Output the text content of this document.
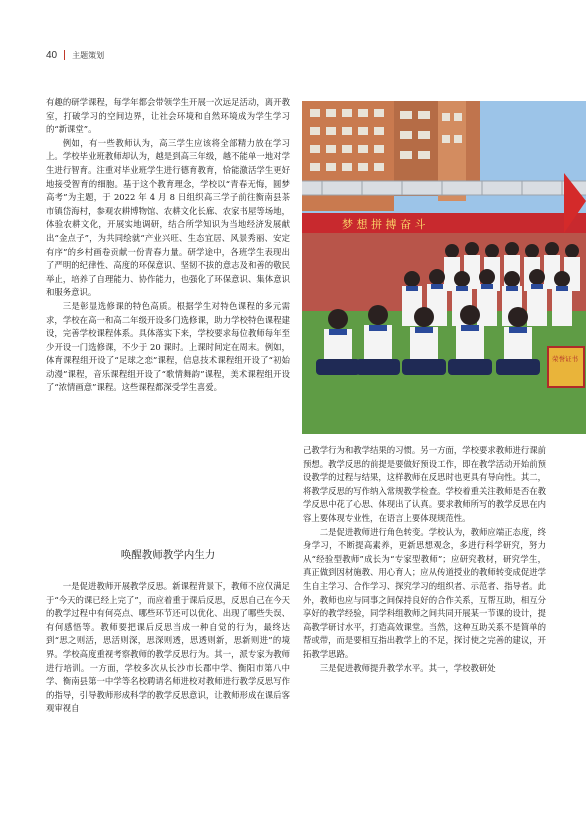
40 主题策划

有趣的研学课程，每学年都会带领学生开展一次远足活动，离开教室，打破学习的空间边界，让社会环境和自然环境成为学生学习的“新课堂”。

例如，有一些教师认为，高三学生应该将全部精力放在学习上。学校毕业班教师却认为，越是到高三年级，越不能单一地对学生进行智育。注重对毕业班学生进行德育教育，恰能激活学生更好地接受智育的细胞。基于这个教育理念，学校以“青春无悔，圆梦高考”为主题，于 2022 年 4 月 8 日组织高三学子前往衡南县茶市镇岱海村，参观农耕博物馆、农耕文化长廊、农家书屋等场地，体验农耕文化，开展实地调研，结合所学知识为当地经济发展献出“金点子”，为共同绘就“产业兴旺、生态宜居、风景秀丽、安定有序”的乡村画卷贡献一份青春力量。研学途中，各班学生表现出了严明的纪律性、高度的环保意识、坚韧不拔的意志及和善的敬民举止，培养了自理能力、协作能力，也强化了环保意识、集体意识和服务意识。

三是彰显选修课的特色高质。根据学生对特色课程的多元需求，学校在高一和高二年级开设多门选修课，助力学校特色课程建设，完善学校课程体系。具体落实下来，学校要求每位教师每年至少开设一门选修课，不少于 20 课时。上课时间定在周末。例如，体育课程组开设了“足球之恋”课程，信息技术课程组开设了“初始动漫”课程，音乐课程组开设了“歌情舞韵”课程，美术课程组开设了“浓情画意”课程。这些课程都深受学生喜爱。

唤醒教师教学内生力

一是促进教师开展教学反思。新课程背景下，教师不应仅满足于“今天的课已经上完了”，而应着重于课后反思，反思自己在今天的教学过程中有何亮点、哪些环节还可以优化、出现了哪些失误、有何感悟等。教师要把课后反思当成一种自觉的行为，最终达到“思之则活，思活则深，思深则透，思透则新，思新则进”的境界。学校高度重视考察教师的教学反思行为。其一，派专家为教师进行培训。一方面，学校多次从长沙市长郡中学、衡阳市第八中学、衡南县第一中学等名校聘请名师进校对教师进行教学反思写作的指导，引导教师形成科学的教学反思意识，让教师形成在课后客观审视自

梦 想 拼 搏 奋 斗
荣誉证书

己教学行为和教学结果的习惯。另一方面，学校要求教师进行课前预想。教学反思的前提是要做好预设工作，即在教学活动开始前预设教学的过程与结果，这样教师在反思时也更具有导向性。其二，将教学反思的写作纳入常规教学检查。学校着重关注教师是否在教学反思中花了心思、体现出了认真。要求教师所写的教学反思在内容上要体现专业性，在语言上要体现规范性。

二是促进教师进行角色转变。学校认为，教师应端正态度，终身学习，不断提高素养，更新思想观念，多进行科学研究，努力从“经验型教师”成长为“专家型教师”；应研究教材，研究学生，真正做到因材施教、用心育人；应从传道授业的教师转变成促进学生自主学习、合作学习、探究学习的组织者、示范者、指导者。此外，教师也应与同事之间保持良好的合作关系，互帮互助，相互分享好的教学经验，同学科组教师之间共同开展某一节课的设计，提高教学研讨水平，打造高效课堂。当然，这种互助关系不是简单的帮或带，而是要相互指出教学上的不足，探讨使之完善的建议，开拓教学思路。

三是促进教师提升教学水平。其一，学校教研处
